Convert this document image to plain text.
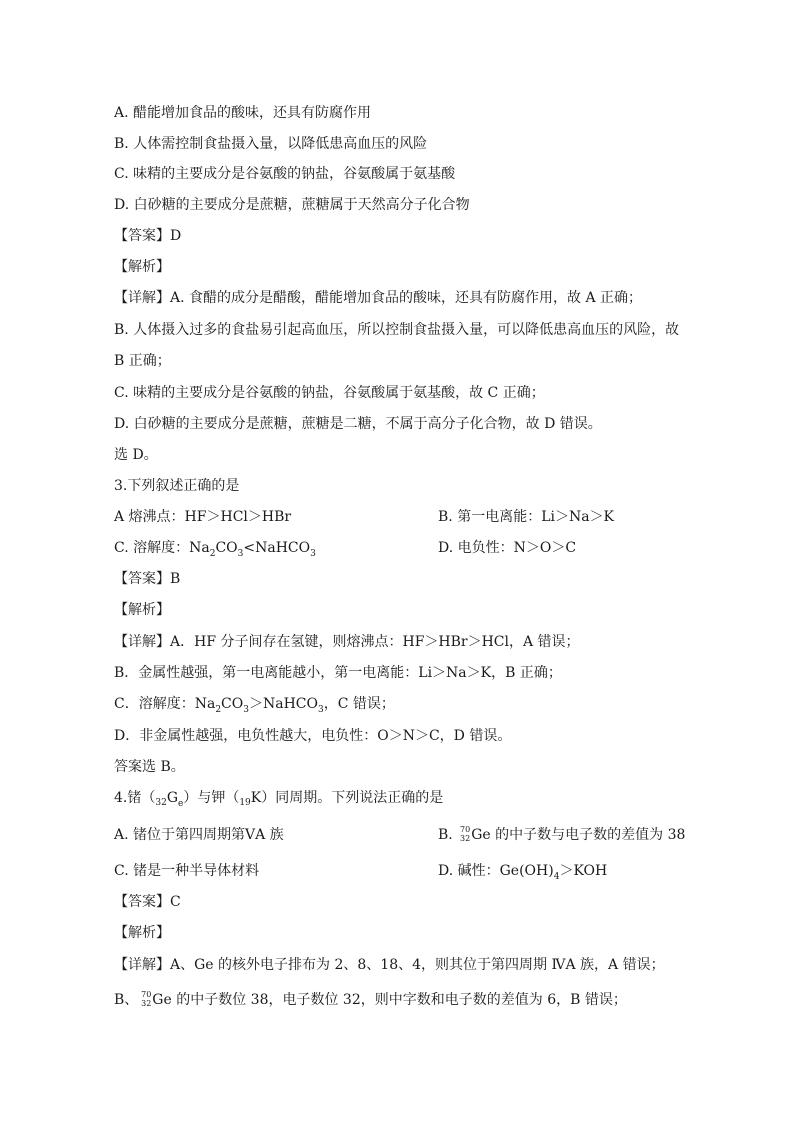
A. 醋能增加食品的酸味，还具有防腐作用
B. 人体需控制食盐摄入量，以降低患高血压的风险
C. 味精的主要成分是谷氨酸的钠盐，谷氨酸属于氨基酸
D. 白砂糖的主要成分是蔗糖，蔗糖属于天然高分子化合物
【答案】D
【解析】
【详解】A. 食醋的成分是醋酸，醋能增加食品的酸味，还具有防腐作用，故 A 正确；
B. 人体摄入过多的食盐易引起高血压，所以控制食盐摄入量，可以降低患高血压的风险，故
B 正确；
C. 味精的主要成分是谷氨酸的钠盐，谷氨酸属于氨基酸，故 C 正确；
D. 白砂糖的主要成分是蔗糖，蔗糖是二糖，不属于高分子化合物，故 D 错误。
选 D。
3.下列叙述正确的是
A 熔沸点：HF＞HCl＞HBr	B. 第一电离能：Li＞Na＞K
C. 溶解度：$Na_2CO_3<NaHCO_3$	D. 电负性：N＞O＞C
【答案】B
【解析】
【详解】A．HF 分子间存在氢键，则熔沸点：HF＞HBr＞HCl，A 错误；
B．金属性越强，第一电离能越小，第一电离能：Li＞Na＞K，B 正确；
C．溶解度：$Na_2CO_3>NaHCO_3$，C 错误；
D．非金属性越强，电负性越大，电负性：O＞N＞C，D 错误。
答案选 B。
4.锗$(32G_e)$与钾（19K）同周期。下列说法正确的是
A. 锗位于第四周期第ⅤA 族	B. 70
32 Ge 的中子数与电子数的差值为 38
C. 锗是一种半导体材料	D. 碱性：$Ge(OH)_4>KOH$
【答案】C
【解析】
【详解】A、Ge 的核外电子排布为 2、8、18、4，则其位于第四周期 ⅣA 族，A 错误；
B、 70
32 Ge 的中子数位 38，电子数位 32，则中字数和电子数的差值为 6，B 错误；
